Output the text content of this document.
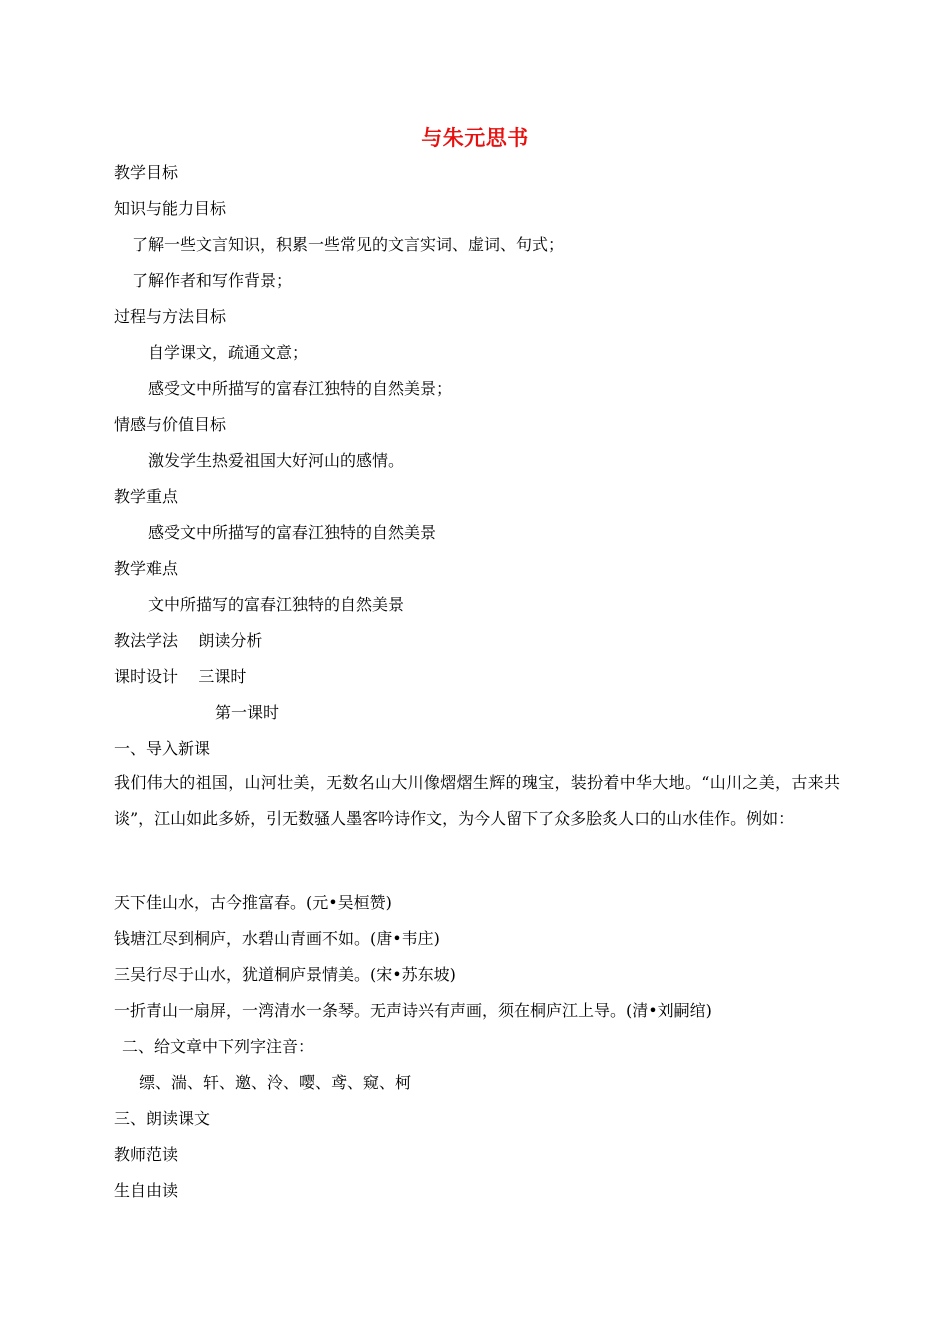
与朱元思书
教学目标
知识与能力目标
了解一些文言知识，积累一些常见的文言实词、虚词、句式；
了解作者和写作背景；
过程与方法目标
自学课文，疏通文意；
感受文中所描写的富春江独特的自然美景；
情感与价值目标
激发学生热爱祖国大好河山的感情。
教学重点
感受文中所描写的富春江独特的自然美景
教学难点
文中所描写的富春江独特的自然美景
教法学法    朗读分析
课时设计    三课时
第一课时
一、导入新课
我们伟大的祖国，山河壮美，无数名山大川像熠熠生辉的瑰宝，装扮着中华大地。“山川之美，古来共谈”，江山如此多娇，引无数骚人墨客吟诗作文，为今人留下了众多脍炙人口的山水佳作。例如：
天下佳山水，古今推富春。(元•吴桓赞)
钱塘江尽到桐庐，水碧山青画不如。(唐•韦庄)
三吴行尽于山水，犹道桐庐景情美。(宋•苏东坡)
一折青山一扇屏，一湾清水一条琴。无声诗兴有声画，须在桐庐江上导。(清•刘嗣绾)
二、给文章中下列字注音：
缥、湍、轩、邀、泠、嘤、鸢、窥、柯
三、朗读课文
教师范读
生自由读
